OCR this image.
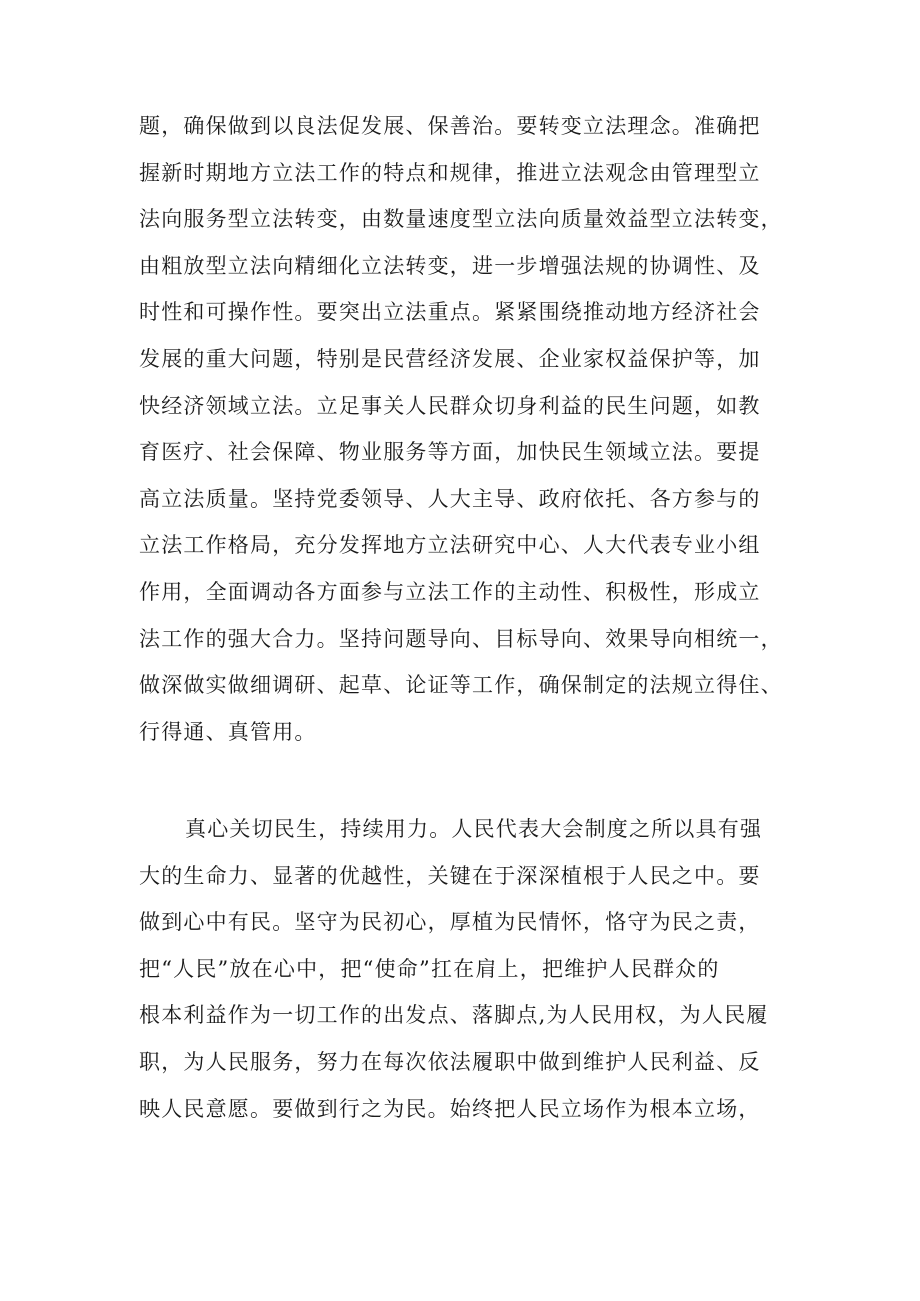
题，确保做到以良法促发展、保善治。要转变立法理念。准确把
握新时期地方立法工作的特点和规律，推进立法观念由管理型立
法向服务型立法转变，由数量速度型立法向质量效益型立法转变，
由粗放型立法向精细化立法转变，进一步增强法规的协调性、及
时性和可操作性。要突出立法重点。紧紧围绕推动地方经济社会
发展的重大问题，特别是民营经济发展、企业家权益保护等，加
快经济领域立法。立足事关人民群众切身利益的民生问题，如教
育医疗、社会保障、物业服务等方面，加快民生领域立法。要提
高立法质量。坚持党委领导、人大主导、政府依托、各方参与的
立法工作格局，充分发挥地方立法研究中心、人大代表专业小组
作用，全面调动各方面参与立法工作的主动性、积极性，形成立
法工作的强大合力。坚持问题导向、目标导向、效果导向相统一，
做深做实做细调研、起草、论证等工作，确保制定的法规立得住、
行得通、真管用。

真心关切民生，持续用力。人民代表大会制度之所以具有强
大的生命力、显著的优越性，关键在于深深植根于人民之中。要
做到心中有民。坚守为民初心，厚植为民情怀，恪守为民之责，
把“人民”放在心中，把“使命”扛在肩上，把维护人民群众的
根本利益作为一切工作的出发点、落脚点,为人民用权，为人民履
职，为人民服务，努力在每次依法履职中做到维护人民利益、反
映人民意愿。要做到行之为民。始终把人民立场作为根本立场，
